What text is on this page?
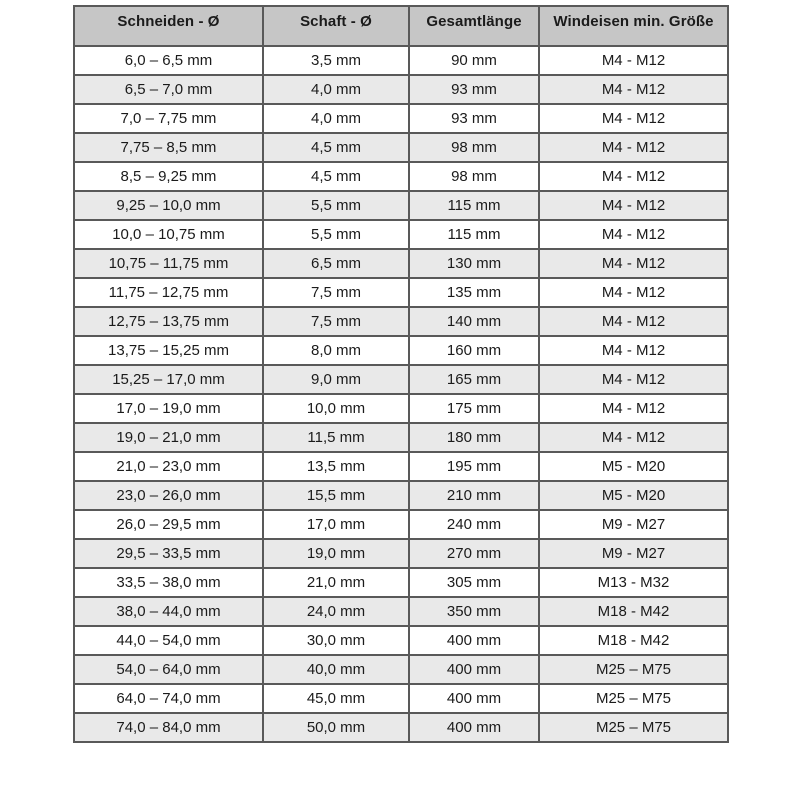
Schneiden - Ø	Schaft - Ø	Gesamtlänge	Windeisen min. Größe
6,0 – 6,5 mm	3,5 mm	90 mm	M4 - M12
6,5 – 7,0 mm	4,0 mm	93 mm	M4 - M12
7,0 – 7,75 mm	4,0 mm	93 mm	M4 - M12
7,75 – 8,5 mm	4,5 mm	98 mm	M4 - M12
8,5 – 9,25 mm	4,5 mm	98 mm	M4 - M12
9,25 – 10,0 mm	5,5 mm	115 mm	M4 - M12
10,0 – 10,75 mm	5,5 mm	115 mm	M4 - M12
10,75 – 11,75 mm	6,5 mm	130 mm	M4 - M12
11,75 – 12,75 mm	7,5 mm	135 mm	M4 - M12
12,75 – 13,75 mm	7,5 mm	140 mm	M4 - M12
13,75 – 15,25 mm	8,0 mm	160 mm	M4 - M12
15,25 – 17,0 mm	9,0 mm	165 mm	M4 - M12
17,0 – 19,0 mm	10,0 mm	175 mm	M4 - M12
19,0 – 21,0 mm	11,5 mm	180 mm	M4 - M12
21,0 – 23,0 mm	13,5 mm	195 mm	M5 - M20
23,0 – 26,0 mm	15,5 mm	210 mm	M5 - M20
26,0 – 29,5 mm	17,0 mm	240 mm	M9 - M27
29,5 – 33,5 mm	19,0 mm	270 mm	M9 - M27
33,5 – 38,0 mm	21,0 mm	305 mm	M13 - M32
38,0 – 44,0 mm	24,0 mm	350 mm	M18 - M42
44,0 – 54,0 mm	30,0 mm	400 mm	M18 - M42
54,0 – 64,0 mm	40,0 mm	400 mm	M25 – M75
64,0 – 74,0 mm	45,0 mm	400 mm	M25 – M75
74,0 – 84,0 mm	50,0 mm	400 mm	M25 – M75
